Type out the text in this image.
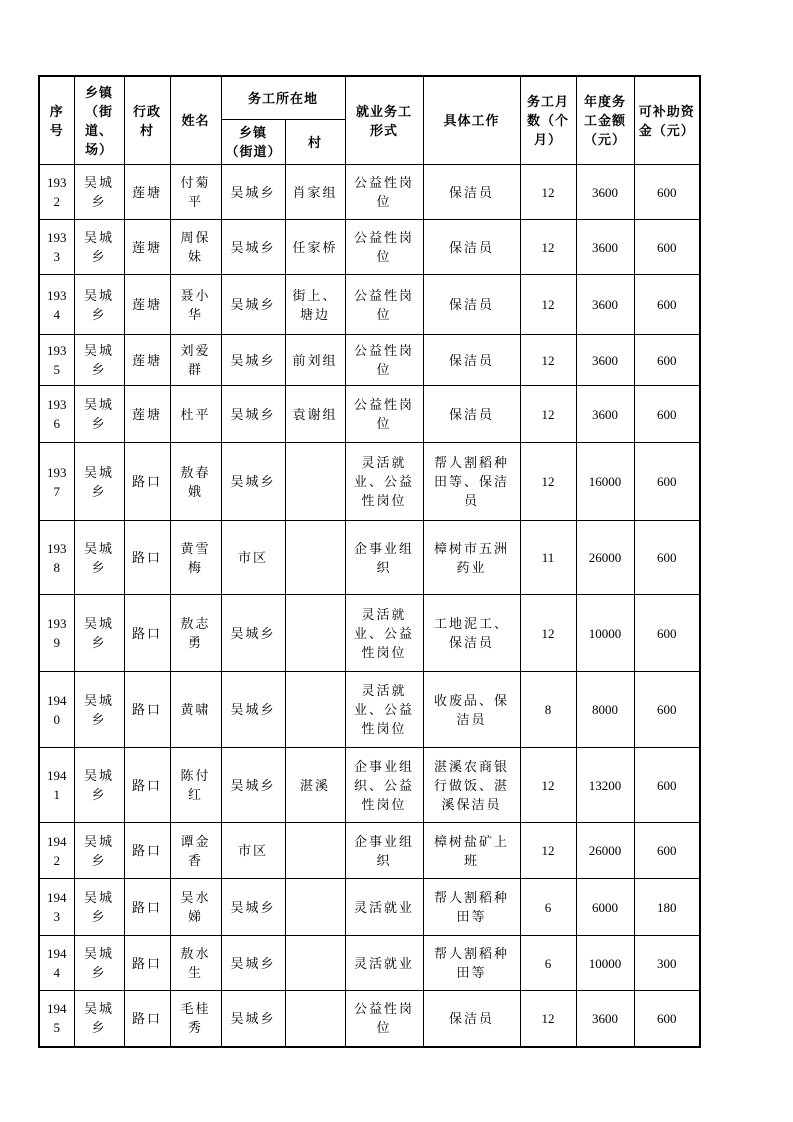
序号	乡镇（街道、场）	行政村	姓名	务工所在地		就业务工形式	具体工作	务工月数（个月）	年度务工金额（元）	可补助资金（元）
				乡镇（街道）	村					
1932	吴城乡	莲塘	付菊平	吴城乡	肖家组	公益性岗位	保洁员	12	3600	600
1933	吴城乡	莲塘	周保妹	吴城乡	任家桥	公益性岗位	保洁员	12	3600	600
1934	吴城乡	莲塘	聂小华	吴城乡	街上、塘边	公益性岗位	保洁员	12	3600	600
1935	吴城乡	莲塘	刘爱群	吴城乡	前刘组	公益性岗位	保洁员	12	3600	600
1936	吴城乡	莲塘	杜平	吴城乡	袁谢组	公益性岗位	保洁员	12	3600	600
1937	吴城乡	路口	敖春娥	吴城乡		灵活就业、公益性岗位	帮人割稻种田等、保洁员	12	16000	600
1938	吴城乡	路口	黄雪梅	市区		企事业组织	樟树市五洲药业	11	26000	600
1939	吴城乡	路口	敖志勇	吴城乡		灵活就业、公益性岗位	工地泥工、保洁员	12	10000	600
1940	吴城乡	路口	黄啸	吴城乡		灵活就业、公益性岗位	收废品、保洁员	8	8000	600
1941	吴城乡	路口	陈付红	吴城乡	湛溪	企事业组织、公益性岗位	湛溪农商银行做饭、湛溪保洁员	12	13200	600
1942	吴城乡	路口	谭金香	市区		企事业组织	樟树盐矿上班	12	26000	600
1943	吴城乡	路口	吴水娣	吴城乡		灵活就业	帮人割稻种田等	6	6000	180
1944	吴城乡	路口	敖水生	吴城乡		灵活就业	帮人割稻种田等	6	10000	300
1945	吴城乡	路口	毛桂秀	吴城乡		公益性岗位	保洁员	12	3600	600
